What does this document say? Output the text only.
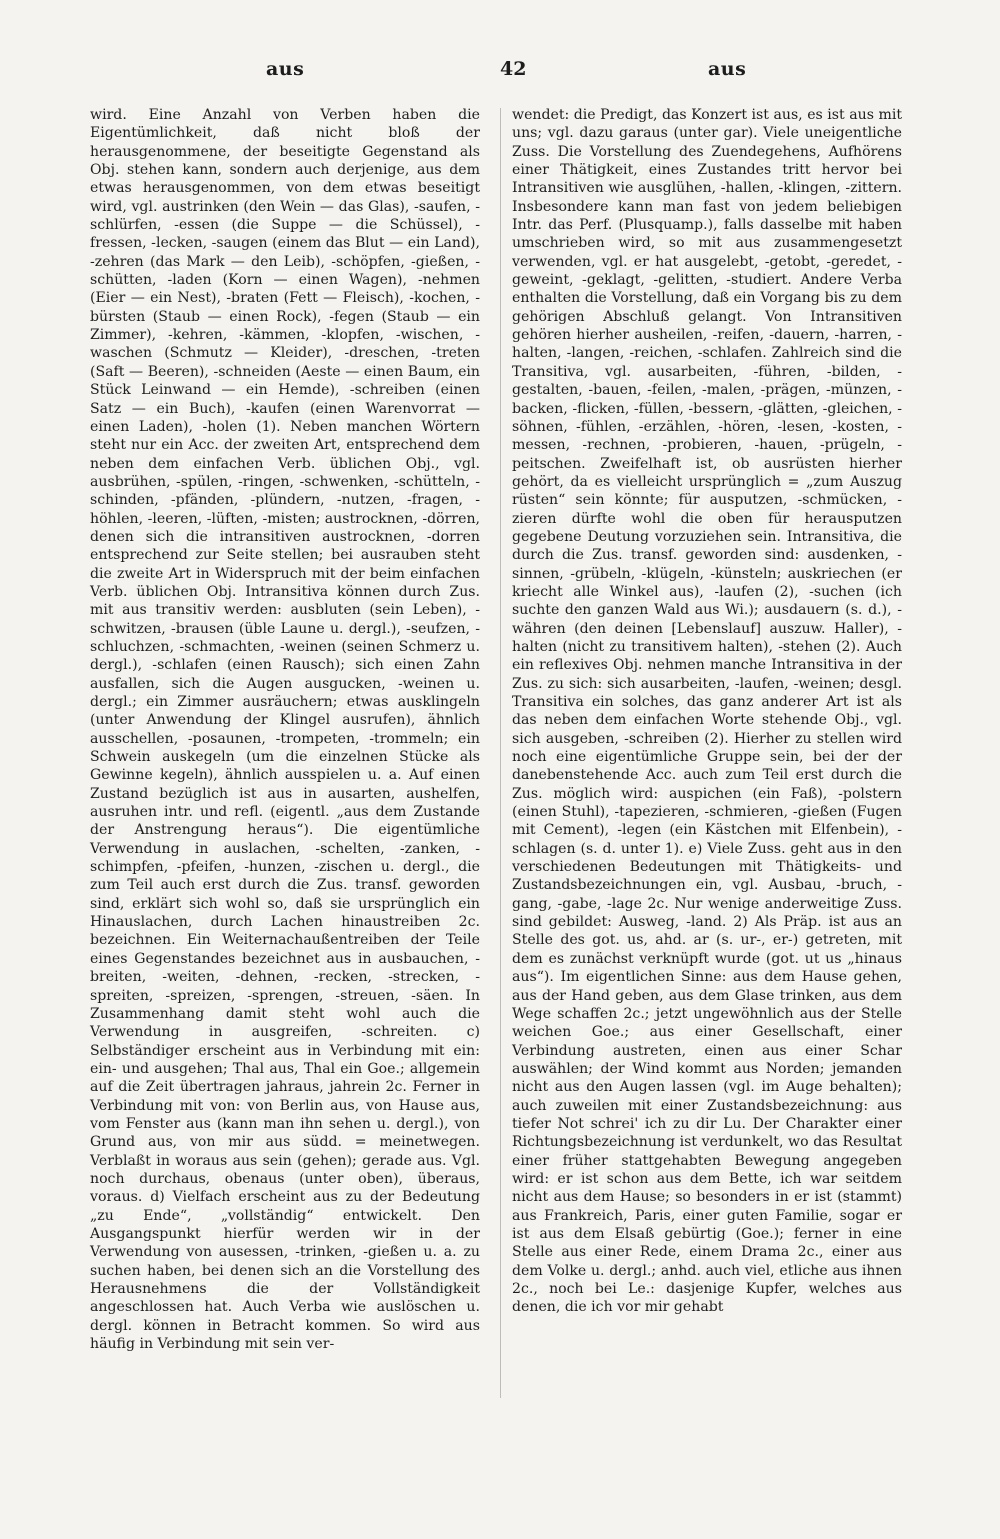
aus	42	aus

wird. Eine Anzahl von Verben haben die Eigentümlichkeit, daß nicht bloß der herausgenommene, der beseitigte Gegenstand als Obj. stehen kann, sondern auch derjenige, aus dem etwas herausgenommen, von dem etwas beseitigt wird, vgl. austrinken (den Wein — das Glas), -saufen, -schlürfen, -essen (die Suppe — die Schüssel), -fressen, -lecken, -saugen (einem das Blut — ein Land), -zehren (das Mark — den Leib), -schöpfen, -gießen, -schütten, -laden (Korn — einen Wagen), -nehmen (Eier — ein Nest), -braten (Fett — Fleisch), -kochen, -bürsten (Staub — einen Rock), -fegen (Staub — ein Zimmer), -kehren, -kämmen, -klopfen, -wischen, -waschen (Schmutz — Kleider), -dreschen, -treten (Saft — Beeren), -schneiden (Aeste — einen Baum, ein Stück Leinwand — ein Hemde), -schreiben (einen Satz — ein Buch), -kaufen (einen Warenvorrat — einen Laden), -holen (1). Neben manchen Wörtern steht nur ein Acc. der zweiten Art, entsprechend dem neben dem einfachen Verb. üblichen Obj., vgl. ausbrühen, -spülen, -ringen, -schwenken, -schütteln, -schinden, -pfänden, -plündern, -nutzen, -fragen, -höhlen, -leeren, -lüften, -misten; austrocknen, -dörren, denen sich die intransitiven austrocknen, -dorren entsprechend zur Seite stellen; bei ausrauben steht die zweite Art in Widerspruch mit der beim einfachen Verb. üblichen Obj. Intransitiva können durch Zus. mit aus transitiv werden: ausbluten (sein Leben), -schwitzen, -brausen (üble Laune u. dergl.), -seufzen, -schluchzen, -schmachten, -weinen (seinen Schmerz u. dergl.), -schlafen (einen Rausch); sich einen Zahn ausfallen, sich die Augen ausgucken, -weinen u. dergl.; ein Zimmer ausräuchern; etwas ausklingeln (unter Anwendung der Klingel ausrufen), ähnlich ausschellen, -posaunen, -trompeten, -trommeln; ein Schwein auskegeln (um die einzelnen Stücke als Gewinne kegeln), ähnlich ausspielen u. a. Auf einen Zustand bezüglich ist aus in ausarten, aushelfen, ausruhen intr. und refl. (eigentl. „aus dem Zustande der Anstrengung heraus“). Die eigentümliche Verwendung in auslachen, -schelten, -zanken, -schimpfen, -pfeifen, -hunzen, -zischen u. dergl., die zum Teil auch erst durch die Zus. transf. geworden sind, erklärt sich wohl so, daß sie ursprünglich ein Hinauslachen, durch Lachen hinaustreiben 2c. bezeichnen. Ein Weiternachaußentreiben der Teile eines Gegenstandes bezeichnet aus in ausbauchen, -breiten, -weiten, -dehnen, -recken, -strecken, -spreiten, -spreizen, -sprengen, -streuen, -säen. In Zusammenhang damit steht wohl auch die Verwendung in ausgreifen, -schreiten. c) Selbständiger erscheint aus in Verbindung mit ein: ein- und ausgehen; Thal aus, Thal ein Goe.; allgemein auf die Zeit übertragen jahraus, jahrein 2c. Ferner in Verbindung mit von: von Berlin aus, von Hause aus, vom Fenster aus (kann man ihn sehen u. dergl.), von Grund aus, von mir aus südd. = meinetwegen. Verblaßt in woraus aus sein (gehen); gerade aus. Vgl. noch durchaus, obenaus (unter oben), überaus, voraus. d) Vielfach erscheint aus zu der Bedeutung „zu Ende“, „vollständig“ entwickelt. Den Ausgangspunkt hierfür werden wir in der Verwendung von ausessen, -trinken, -gießen u. a. zu suchen haben, bei denen sich an die Vorstellung des Herausnehmens die der Vollständigkeit angeschlossen hat. Auch Verba wie auslöschen u. dergl. können in Betracht kommen. So wird aus häufig in Verbindung mit sein ver-

wendet: die Predigt, das Konzert ist aus, es ist aus mit uns; vgl. dazu garaus (unter gar). Viele uneigentliche Zuss. Die Vorstellung des Zuendegehens, Aufhörens einer Thätigkeit, eines Zustandes tritt hervor bei Intransitiven wie ausglühen, -hallen, -klingen, -zittern. Insbesondere kann man fast von jedem beliebigen Intr. das Perf. (Plusquamp.), falls dasselbe mit haben umschrieben wird, so mit aus zusammengesetzt verwenden, vgl. er hat ausgelebt, -getobt, -geredet, -geweint, -geklagt, -gelitten, -studiert. Andere Verba enthalten die Vorstellung, daß ein Vorgang bis zu dem gehörigen Abschluß gelangt. Von Intransitiven gehören hierher ausheilen, -reifen, -dauern, -harren, -halten, -langen, -reichen, -schlafen. Zahlreich sind die Transitiva, vgl. ausarbeiten, -führen, -bilden, -gestalten, -bauen, -feilen, -malen, -prägen, -münzen, -backen, -flicken, -füllen, -bessern, -glätten, -gleichen, -söhnen, -fühlen, -erzählen, -hören, -lesen, -kosten, -messen, -rechnen, -probieren, -hauen, -prügeln, -peitschen. Zweifelhaft ist, ob ausrüsten hierher gehört, da es vielleicht ursprünglich = „zum Auszug rüsten“ sein könnte; für ausputzen, -schmücken, -zieren dürfte wohl die oben für herausputzen gegebene Deutung vorzuziehen sein. Intransitiva, die durch die Zus. transf. geworden sind: ausdenken, -sinnen, -grübeln, -klügeln, -künsteln; auskriechen (er kriecht alle Winkel aus), -laufen (2), -suchen (ich suchte den ganzen Wald aus Wi.); ausdauern (s. d.), -währen (den deinen [Lebenslauf] auszuw. Haller), -halten (nicht zu transitivem halten), -stehen (2). Auch ein reflexives Obj. nehmen manche Intransitiva in der Zus. zu sich: sich ausarbeiten, -laufen, -weinen; desgl. Transitiva ein solches, das ganz anderer Art ist als das neben dem einfachen Worte stehende Obj., vgl. sich ausgeben, -schreiben (2). Hierher zu stellen wird noch eine eigentümliche Gruppe sein, bei der der danebenstehende Acc. auch zum Teil erst durch die Zus. möglich wird: auspichen (ein Faß), -polstern (einen Stuhl), -tapezieren, -schmieren, -gießen (Fugen mit Cement), -legen (ein Kästchen mit Elfenbein), -schlagen (s. d. unter 1). e) Viele Zuss. geht aus in den verschiedenen Bedeutungen mit Thätigkeits- und Zustandsbezeichnungen ein, vgl. Ausbau, -bruch, -gang, -gabe, -lage 2c. Nur wenige anderweitige Zuss. sind gebildet: Ausweg, -land. 2) Als Präp. ist aus an Stelle des got. us, ahd. ar (s. ur-, er-) getreten, mit dem es zunächst verknüpft wurde (got. ut us „hinaus aus“). Im eigentlichen Sinne: aus dem Hause gehen, aus der Hand geben, aus dem Glase trinken, aus dem Wege schaffen 2c.; jetzt ungewöhnlich aus der Stelle weichen Goe.; aus einer Gesellschaft, einer Verbindung austreten, einen aus einer Schar auswählen; der Wind kommt aus Norden; jemanden nicht aus den Augen lassen (vgl. im Auge behalten); auch zuweilen mit einer Zustandsbezeichnung: aus tiefer Not schrei' ich zu dir Lu. Der Charakter einer Richtungsbezeichnung ist verdunkelt, wo das Resultat einer früher stattgehabten Bewegung angegeben wird: er ist schon aus dem Bette, ich war seitdem nicht aus dem Hause; so besonders in er ist (stammt) aus Frankreich, Paris, einer guten Familie, sogar er ist aus dem Elsaß gebürtig (Goe.); ferner in eine Stelle aus einer Rede, einem Drama 2c., einer aus dem Volke u. dergl.; anhd. auch viel, etliche aus ihnen 2c., noch bei Le.: dasjenige Kupfer, welches aus denen, die ich vor mir gehabt
